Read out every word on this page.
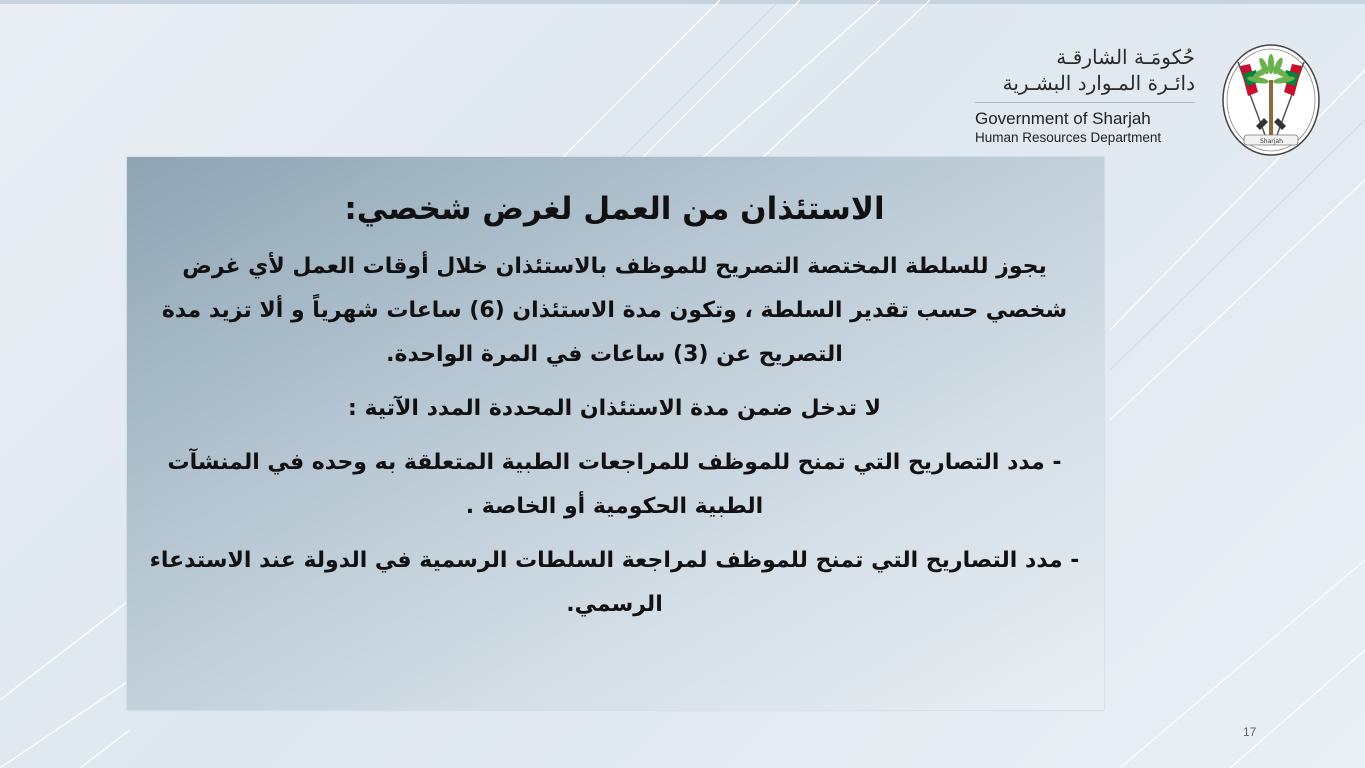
حُكومَـة الشارقـة
دائـرة المـوارد البشـرية
Government of Sharjah
Human Resources Department	Sharjah
الاستئذان من العمل لغرض شخصي:
يجوز للسلطة المختصة التصريح للموظف بالاستئذان خلال أوقات العمل لأي غرض شخصي حسب تقدير السلطة ، وتكون مدة الاستئذان (6) ساعات شهرياً و ألا تزيد مدة التصريح عن (3) ساعات في المرة الواحدة.
لا تدخل ضمن مدة الاستئذان المحددة المدد الآتية :
- مدد التصاريح التي تمنح للموظف للمراجعات الطبية المتعلقة به وحده في المنشآت الطبية الحكومية أو الخاصة .
- مدد التصاريح التي تمنح للموظف لمراجعة السلطات الرسمية في الدولة عند الاستدعاء الرسمي.
17
